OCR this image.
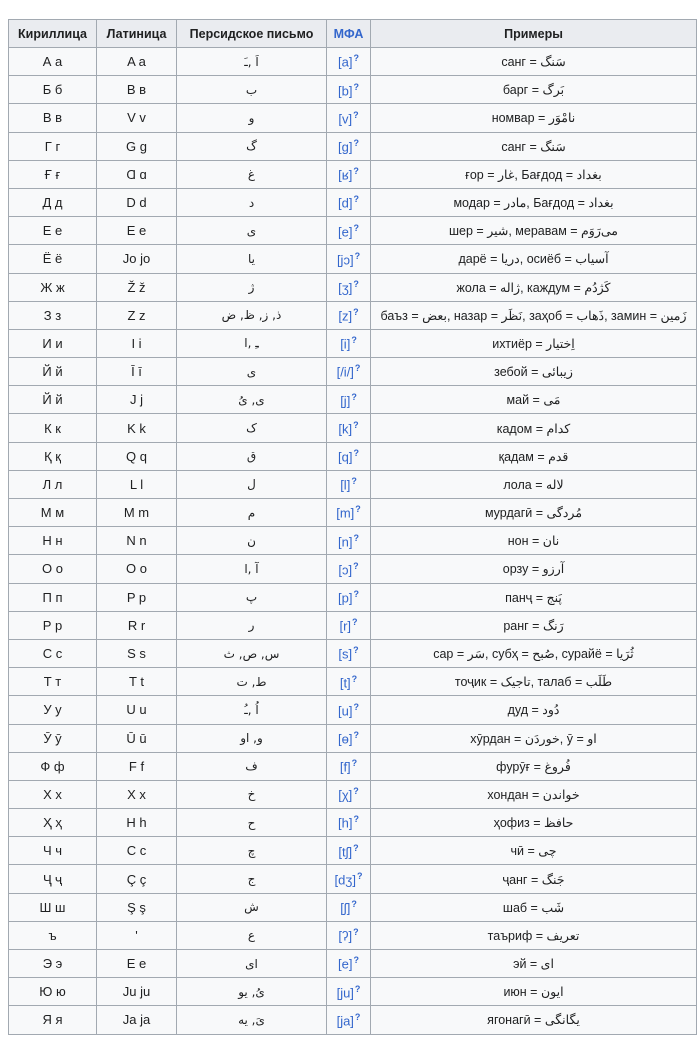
Кириллица	Латиница	Персидское письмо	МФА	Примеры
А а	A a	اَ ,ـَ	[a]?	санг = سَنگ
Б б	B в	ب	[b]?	барг = بَرگ
В в	V v	و	[v]?	номвар = نامْوَر
Г г	G g	گ	[g]?	санг = سَنگ
Ғ ғ	Ɑ ɑ	غ	[ʁ]?	ғор = غار, Бағдод = بغداد
Д д	D d	د	[d]?	модар = مادر, Бағдод = بغداد
Е е	E e	ی	[e]?	шер = شیر, меравам = می‌رَوَم
Ё ё	Jo jo	یا	[jɔ]?	дарё = دریا, осиёб = آسیاب
Ж ж	Ž ž	ژ	[ʒ]?	жола = ژاله, каждум = کَژدُم
З з	Z z	ذ, ز, ظ, ض	[z]?	баъз = بعض, назар = نَظَر, заҳоб = ذَهاب, замин = زَمین
И и	I i	ـِ ,ا	[i]?	ихтиёр = اِختیار
Й й	Ī ī	ی	[/i/]?	зебой = زیبائی
Й й	J j	ی, یُ	[j]?	май = مَی
К к	K k	ک	[k]?	кадом = کدام
Қ қ	Q q	ق	[q]?	қадам = قدم
Л л	L l	ل	[l]?	лола = لاله
М м	M m	م	[m]?	мурдагӣ = مُردگی
Н н	N n	ن	[n]?	нон = نان
О о	O o	آ ,ا	[ɔ]?	орзу = آرزو
П п	P p	پ	[p]?	панҷ = پَنج
Р р	R r	ر	[r]?	ранг = رَنگ
С с	S s	س, ص, ث	[s]?	сар = سَر, субҳ = صُبح, сурайё = ثُرَیا
Т т	T t	ط, ت	[t]?	тоҷик = تاجیک, талаб = طَلَب
У у	U u	اُ ,ـُ	[u]?	дуд = دُود
Ӯ ӯ	Ū ū	و, او	[ɵ]?	хӯрдан = خوردَن, ӯ = او
Ф ф	F f	ف	[f]?	фурӯғ = فُروغ
Х х	X x	خ	[χ]?	хондан = خواندن
Ҳ ҳ	H h	ح	[h]?	ҳофиз = حافظ
Ч ч	C c	چ	[tʃ]?	чӣ = چی
Ҷ ҷ	Ç ç	ج	[dʒ]?	ҷанг = جَنگ
Ш ш	Ş ş	ش	[ʃ]?	шаб = شَب
ъ	'	ع	[ʔ]?	таъриф = تعریف
Э э	E e	ای	[e]?	эй = ای
Ю ю	Ju ju	یُ, یو	[ju]?	июн = ایون
Я я	Ja ja	یَ, یه	[ja]?	ягонагӣ = یگانگی
